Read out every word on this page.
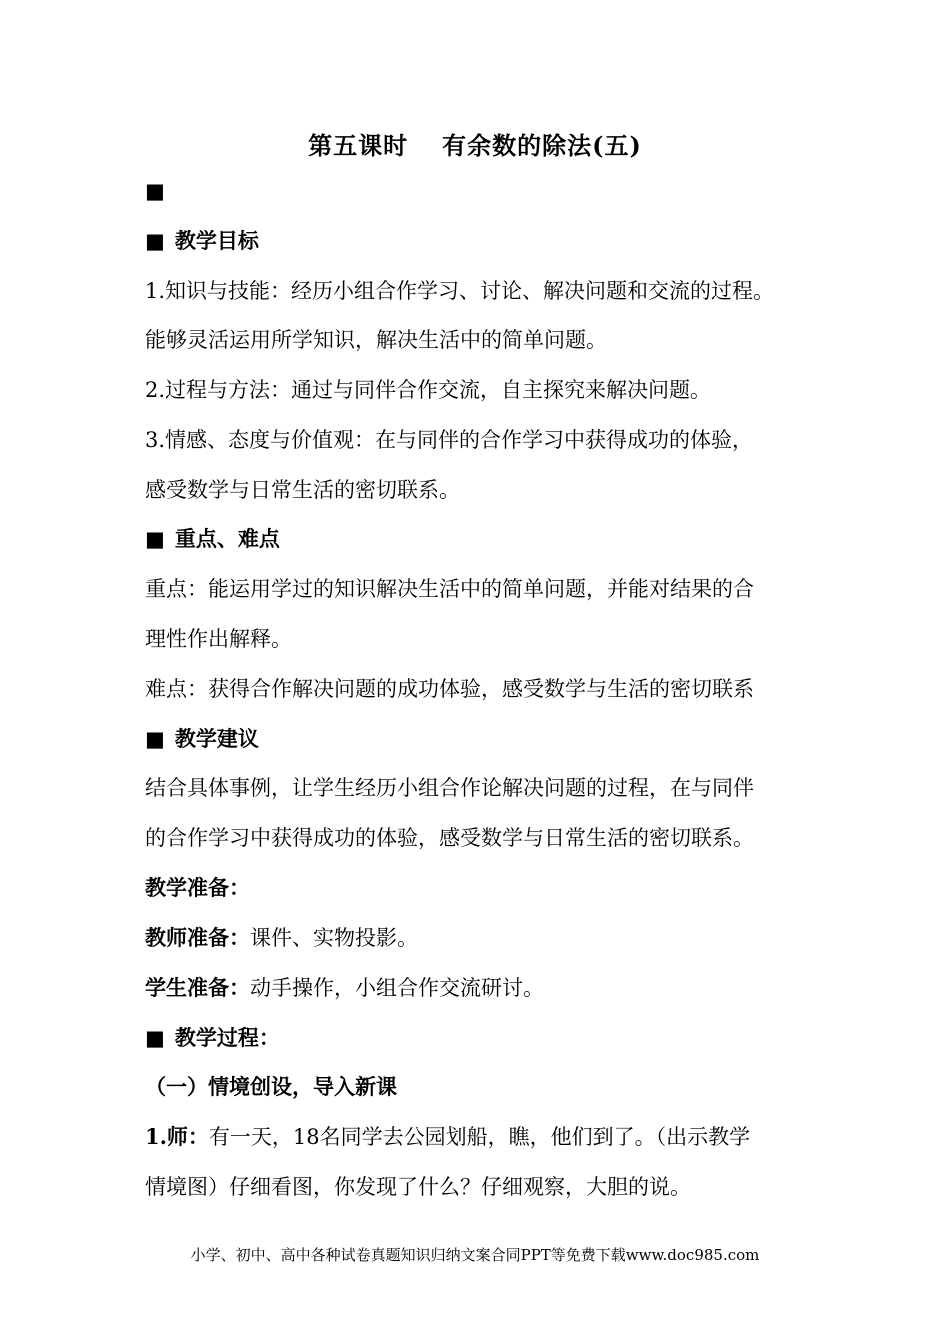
第五课时 有余数的除法(五)
■
■ 教学目标
1.知识与技能：经历小组合作学习、讨论、解决问题和交流的过程。
能够灵活运用所学知识，解决生活中的简单问题。
2.过程与方法：通过与同伴合作交流，自主探究来解决问题。
3.情感、态度与价值观：在与同伴的合作学习中获得成功的体验，
感受数学与日常生活的密切联系。
■ 重点、难点
重点：能运用学过的知识解决生活中的简单问题，并能对结果的合
理性作出解释。
难点：获得合作解决问题的成功体验，感受数学与生活的密切联系
■ 教学建议
结合具体事例，让学生经历小组合作论解决问题的过程，在与同伴
的合作学习中获得成功的体验，感受数学与日常生活的密切联系。
教学准备：
教师准备：课件、实物投影。
学生准备：动手操作，小组合作交流研讨。
■ 教学过程：
（一）情境创设，导入新课
1.师：有一天，18名同学去公园划船，瞧，他们到了。（出示教学
情境图）仔细看图，你发现了什么？仔细观察，大胆的说。
小学、初中、高中各种试卷真题知识归纳文案合同PPT等免费下载www.doc985.com
